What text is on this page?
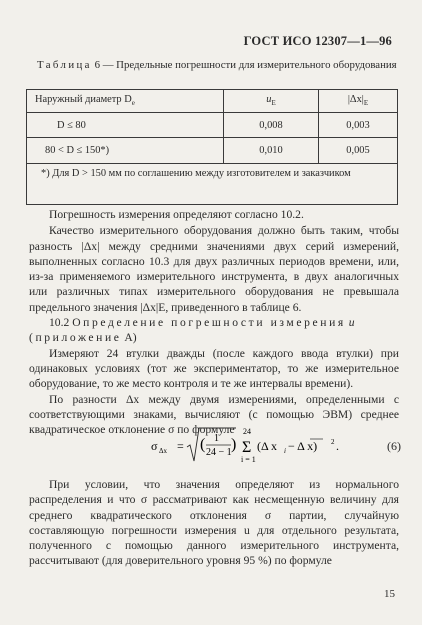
ГОСТ ИСО 12307—1—96
Таблица 6 — Предельные погрешности для измерительного оборудования
Наружный диаметр $D_e$	$u_E$	$|\Delta x|_E$
D ≤ 80	0,008	0,003
80 < D ≤ 150*)	0,010	0,005
*) Для D > 150 мм по соглашению между изготовителем и заказчиком		

Погрешность измерения определяют согласно 10.2.

Качество измерительного оборудования должно быть таким, чтобы разность |Δx| между средними значениями двух серий измерений, выполненных согласно 10.3 для двух различных периодов времени, или, из-за применяемого измерительного инструмента, в двух аналогичных или различных типах измерительного оборудования не превышала предельного значения |Δx|E, приведенного в таблице 6.

10.2 Определение погрешности измерения u

(приложение А)

Измеряют 24 втулки дважды (после каждого ввода втулки) при одинаковых условиях (тот же экспериментатор, то же измерительное оборудование, то же место контроля и те же интервалы времени).

По разности Δx между двумя измерениями, определенными с соответствующими знаками, вычисляют (с помощью ЭВМ) среднее квадратическое отклонение σ по формуле

σ Δx = ( 1
24 − 1 )
24
Σ
i = 1
(Δ x i − Δ x) 2 .	(6)

При условии, что значения определяют из нормального распределения и что σ рассматривают как несмещенную величину для среднего квадратического отклонения σ партии, случайную составляющую погрешности измерения u для отдельного результата, полученного с помощью данного измерительного инструмента, рассчитывают (для доверительного уровня 95 %) по формуле

15
